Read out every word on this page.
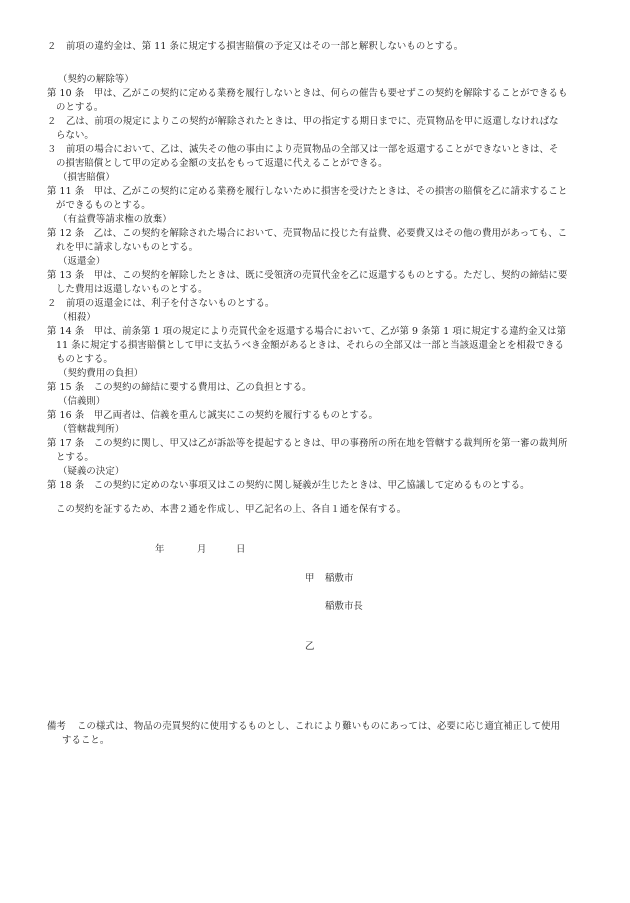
２　前項の違約金は、第 11 条に規定する損害賠償の予定又はその一部と解釈しないものとする。
（契約の解除等）
第 10 条　甲は、乙がこの契約に定める業務を履行しないときは、何らの催告も要せずこの契約を解除することができるも
のとする。
２　乙は、前項の規定によりこの契約が解除されたときは、甲の指定する期日までに、売買物品を甲に返還しなければな
らない。
３　前項の場合において、乙は、滅失その他の事由により売買物品の全部又は一部を返還することができないときは、そ
の損害賠償として甲の定める金額の支払をもって返還に代えることができる。
（損害賠償）
第 11 条　甲は、乙がこの契約に定める業務を履行しないために損害を受けたときは、その損害の賠償を乙に請求すること
ができるものとする。
（有益費等請求権の放棄）
第 12 条　乙は、この契約を解除された場合において、売買物品に投じた有益費、必要費又はその他の費用があっても、こ
れを甲に請求しないものとする。
（返還金）
第 13 条　甲は、この契約を解除したときは、既に受領済の売買代金を乙に返還するものとする。ただし、契約の締結に要
した費用は返還しないものとする。
２　前項の返還金には、利子を付さないものとする。
（相殺）
第 14 条　甲は、前条第 1 項の規定により売買代金を返還する場合において、乙が第 9 条第 1 項に規定する違約金又は第
11 条に規定する損害賠償として甲に支払うべき金額があるときは、それらの全部又は一部と当該返還金とを相殺できる
ものとする。
（契約費用の負担）
第 15 条　この契約の締結に要する費用は、乙の負担とする。
（信義則）
第 16 条　甲乙両者は、信義を重んじ誠実にこの契約を履行するものとする。
（管轄裁判所）
第 17 条　この契約に関し、甲又は乙が訴訟等を提起するときは、甲の事務所の所在地を管轄する裁判所を第一審の裁判所
とする。
（疑義の決定）
第 18 条　この契約に定めのない事項又はこの契約に関し疑義が生じたときは、甲乙協議して定めるものとする。
この契約を証するため、本書２通を作成し、甲乙記名の上、各自１通を保有する。
年	月	日
甲 稲敷市
稲敷市長
乙
備考 この様式は、物品の売買契約に使用するものとし、これにより難いものにあっては、必要に応じ適宜補正して使用
すること。
